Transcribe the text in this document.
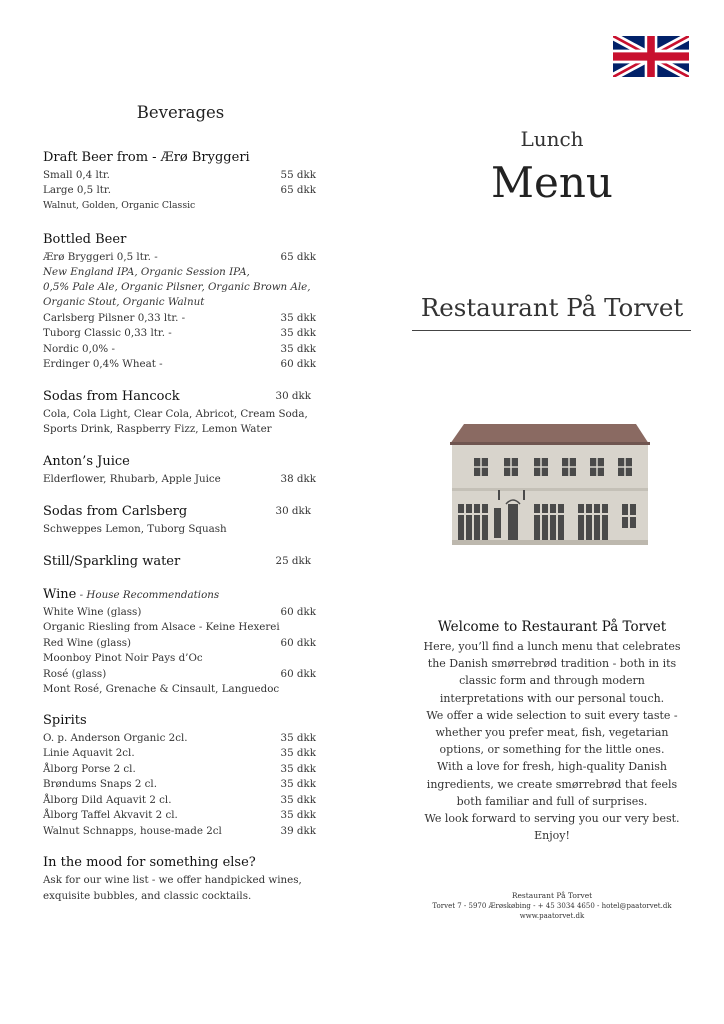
Beverages
Draft Beer from - Ærø Bryggeri
Small 0,4 ltr.	55 dkk
Large 0,5 ltr.	65 dkk
Walnut, Golden, Organic Classic
Bottled Beer
Ærø Bryggeri 0,5 ltr. -	65 dkk
New England IPA, Organic Session IPA,
0,5% Pale Ale, Organic Pilsner, Organic Brown Ale,
Organic Stout, Organic Walnut
Carlsberg Pilsner 0,33 ltr. -	35 dkk
Tuborg Classic 0,33 ltr. -	35 dkk
Nordic 0,0% -	35 dkk
Erdinger 0,4% Wheat -	60 dkk
Sodas from Hancock	30 dkk
Cola, Cola Light, Clear Cola, Abricot, Cream Soda,
Sports Drink, Raspberry Fizz, Lemon Water
Anton’s Juice
Elderflower, Rhubarb, Apple Juice	38 dkk
Sodas from Carlsberg	30 dkk
Schweppes Lemon, Tuborg Squash
Still/Sparkling water	25 dkk
Wine - House Recommendations
White Wine (glass)	60 dkk
Organic Riesling from Alsace - Keine Hexerei
Red Wine (glass)	60 dkk
Moonboy Pinot Noir Pays d’Oc
Rosé (glass)	60 dkk
Mont Rosé, Grenache & Cinsault, Languedoc
Spirits
O. p. Anderson Organic 2cl.	35 dkk
Linie Aquavit 2cl.	35 dkk
Ålborg Porse 2 cl.	35 dkk
Brøndums Snaps 2 cl.	35 dkk
Ålborg Dild Aquavit 2 cl.	35 dkk
Ålborg Taffel Akvavit 2 cl.	35 dkk
Walnut Schnapps, house-made 2cl	39 dkk
In the mood for something else?
Ask for our wine list - we offer handpicked wines,
exquisite bubbles, and classic cocktails.
Lunch
Menu
Restaurant På Torvet
Welcome to Restaurant På Torvet
Here, you’ll find a lunch menu that celebrates
the Danish smørrebrød tradition - both in its
classic form and through modern
interpretations with our personal touch.
We offer a wide selection to suit every taste -
whether you prefer meat, fish, vegetarian
options, or something for the little ones.
With a love for fresh, high-quality Danish
ingredients, we create smørrebrød that feels
both familiar and full of surprises.
We look forward to serving you our very best.
Enjoy!
Restaurant På Torvet
Torvet 7 - 5970 Ærøskøbing - + 45 3034 4650 - hotel@paatorvet.dk
www.paatorvet.dk
